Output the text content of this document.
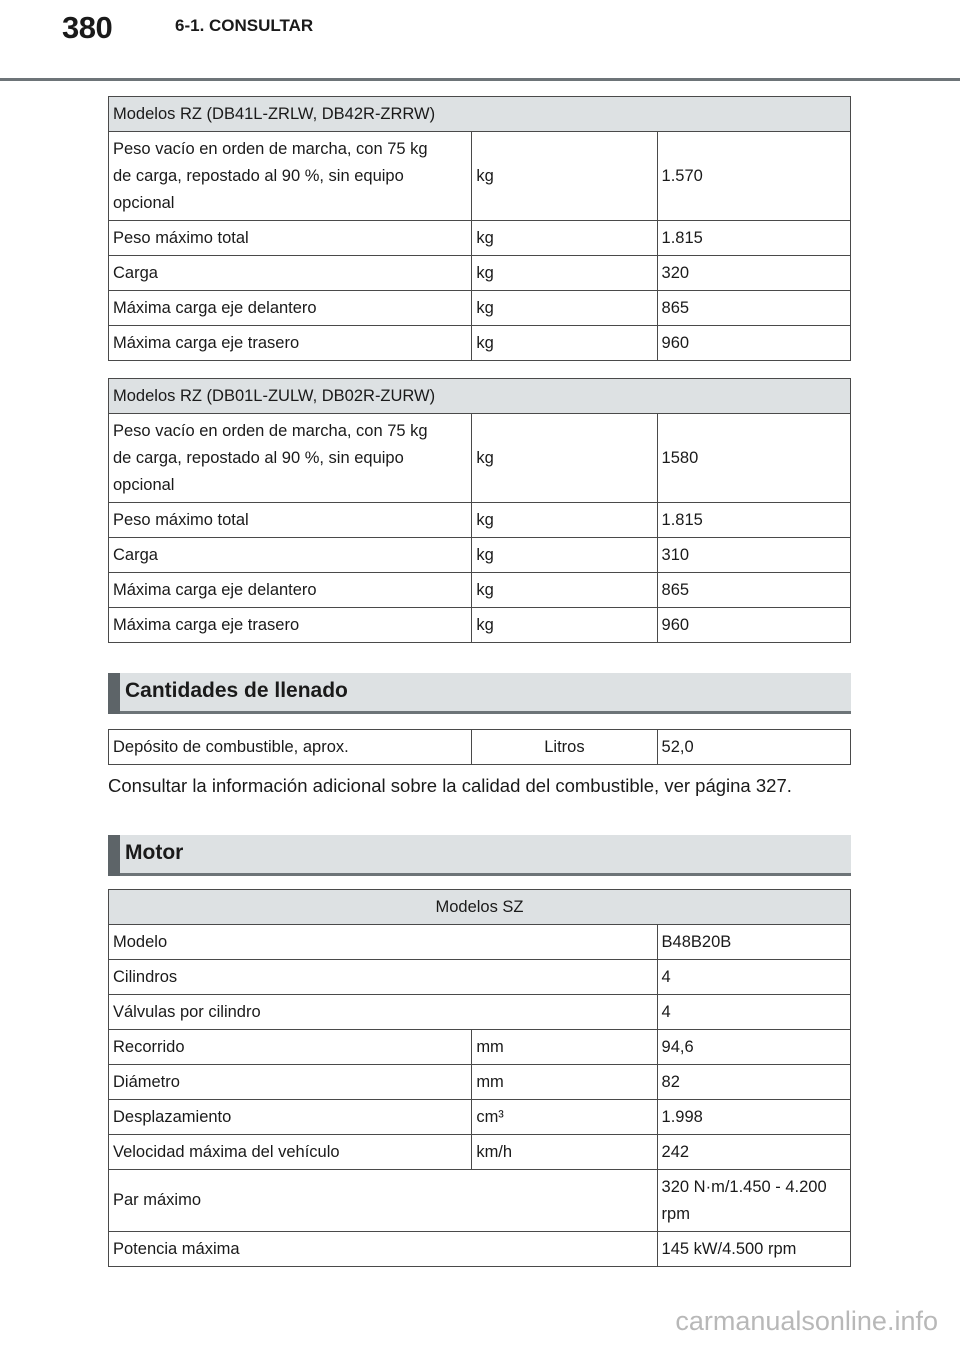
380	6-1. CONSULTAR
Modelos RZ (DB41L-ZRLW, DB42R-ZRRW)		
Peso vacío en orden de marcha, con 75 kg
de carga, repostado al 90 %, sin equipo
opcional	kg	1.570
Peso máximo total	kg	1.815
Carga	kg	320
Máxima carga eje delantero	kg	865
Máxima carga eje trasero	kg	960
Modelos RZ (DB01L-ZULW, DB02R-ZURW)		
Peso vacío en orden de marcha, con 75 kg
de carga, repostado al 90 %, sin equipo
opcional	kg	1580
Peso máximo total	kg	1.815
Carga	kg	310
Máxima carga eje delantero	kg	865
Máxima carga eje trasero	kg	960
Cantidades de llenado
Depósito de combustible, aprox.	Litros	52,0
Consultar la información adicional sobre la calidad del combustible, ver página 327.
Motor
Modelos SZ		
Modelo		B48B20B
Cilindros		4
Válvulas por cilindro		4
Recorrido	mm	94,6
Diámetro	mm	82
Desplazamiento	cm³	1.998
Velocidad máxima del vehículo	km/h	242
Par máximo		320 N·m/1.450 - 4.200
rpm
Potencia máxima		145 kW/4.500 rpm
carmanualsonline.info
